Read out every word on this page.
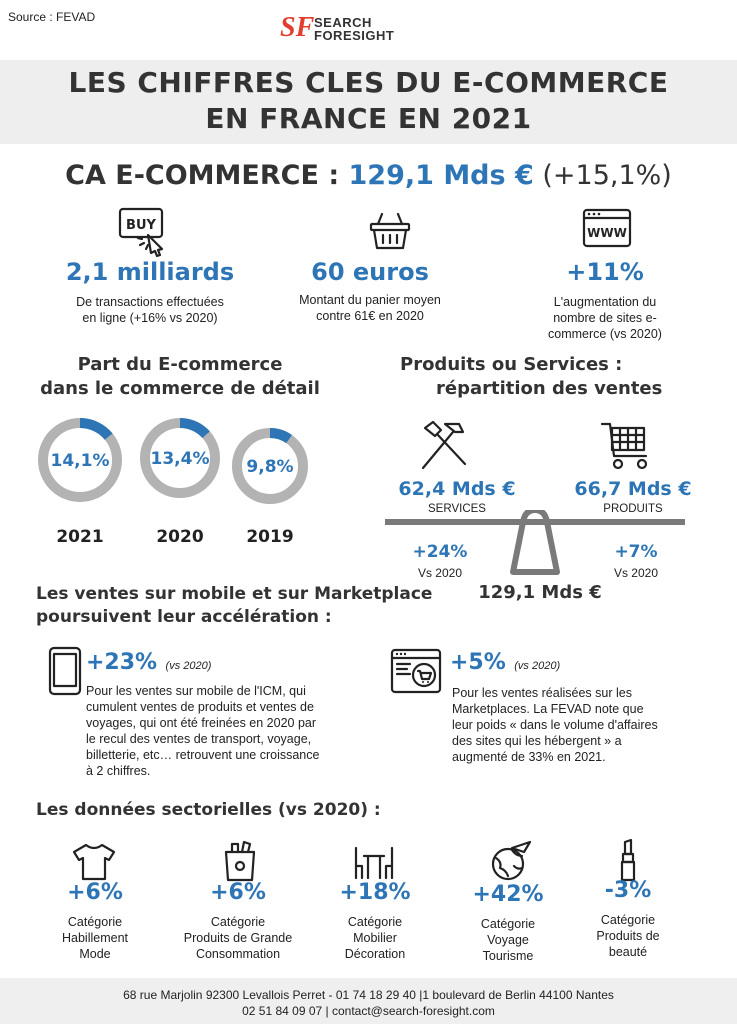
Source : FEVAD	SF SEARCH
FORESIGHT
LES CHIFFRES CLES DU E-COMMERCE
EN FRANCE EN 2021
CA E-COMMERCE : 129,1 Mds € (+15,1%)
BUY	WWW
2,1 milliards
De transactions effectuées
en ligne (+16% vs 2020)
60 euros
Montant du panier moyen
contre 61€ en 2020
+11%
L'augmentation du
nombre de sites e-
commerce (vs 2020)
Part du E-commerce
dans le commerce de détail
14,1%
2021
13,4%
2020
9,8%
2019
Produits ou Services :
répartition des ventes
62,4 Mds €
SERVICES
66,7 Mds €
PRODUITS
+24%
Vs 2020
+7%
Vs 2020
129,1 Mds €
Les ventes sur mobile et sur Marketplace
poursuivent leur accélération :
+23% (vs 2020)
Pour les ventes sur mobile de l'ICM, qui
cumulent ventes de produits et ventes de
voyages, qui ont été freinées en 2020 par
le recul des ventes de transport, voyage,
billetterie, etc… retrouvent une croissance
à 2 chiffres.
+5% (vs 2020)
Pour les ventes réalisées sur les
Marketplaces. La FEVAD note que
leur poids « dans le volume d'affaires
des sites qui les hébergent » a
augmenté de 33% en 2021.
Les données sectorielles (vs 2020) :
+6%
Catégorie
Habillement
Mode
+6%
Catégorie
Produits de Grande
Consommation
+18%
Catégorie
Mobilier
Décoration
+42%
Catégorie
Voyage
Tourisme
-3%
Catégorie
Produits de
beauté
68 rue Marjolin 92300 Levallois Perret - 01 74 18 29 40 |1 boulevard de Berlin 44100 Nantes
02 51 84 09 07 | contact@search-foresight.com
